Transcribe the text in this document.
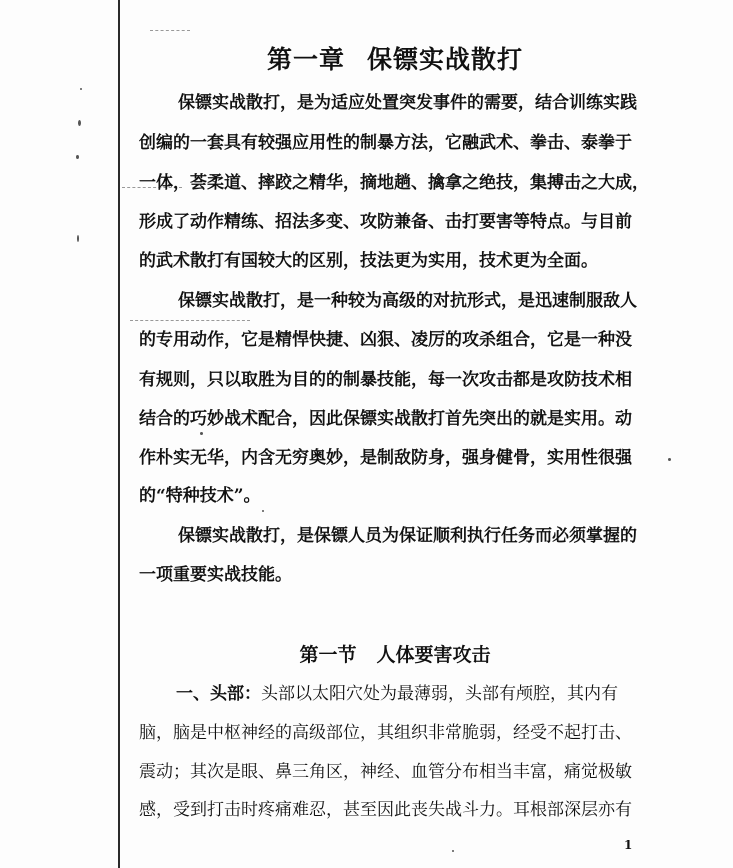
第一章 保镖实战散打
保镖实战散打，是为适应处置突发事件的需要，结合训练实践
创编的一套具有较强应用性的制暴方法，它融武术、拳击、泰拳于
一体，荟柔道、摔跤之精华，摘地趟、擒拿之绝技，集搏击之大成，
形成了动作精练、招法多变、攻防兼备、击打要害等特点。与目前
的武术散打有国较大的区别，技法更为实用，技术更为全面。
保镖实战散打，是一种较为高级的对抗形式，是迅速制服敌人
的专用动作，它是精悍快捷、凶狠、凌厉的攻杀组合，它是一种没
有规则，只以取胜为目的的制暴技能，每一次攻击都是攻防技术相
结合的巧妙战术配合，因此保镖实战散打首先突出的就是实用。动
作朴实无华，内含无穷奥妙，是制敌防身，强身健骨，实用性很强
的“特种技术”。
保镖实战散打，是保镖人员为保证顺利执行任务而必须掌握的
一项重要实战技能。
第一节 人体要害攻击
一、头部：头部以太阳穴处为最薄弱，头部有颅腔，其内有
脑，脑是中枢神经的高级部位，其组织非常脆弱，经受不起打击、
震动；其次是眼、鼻三角区，神经、血管分布相当丰富，痛觉极敏
感，受到打击时疼痛难忍，甚至因此丧失战斗力。耳根部深层亦有
1
